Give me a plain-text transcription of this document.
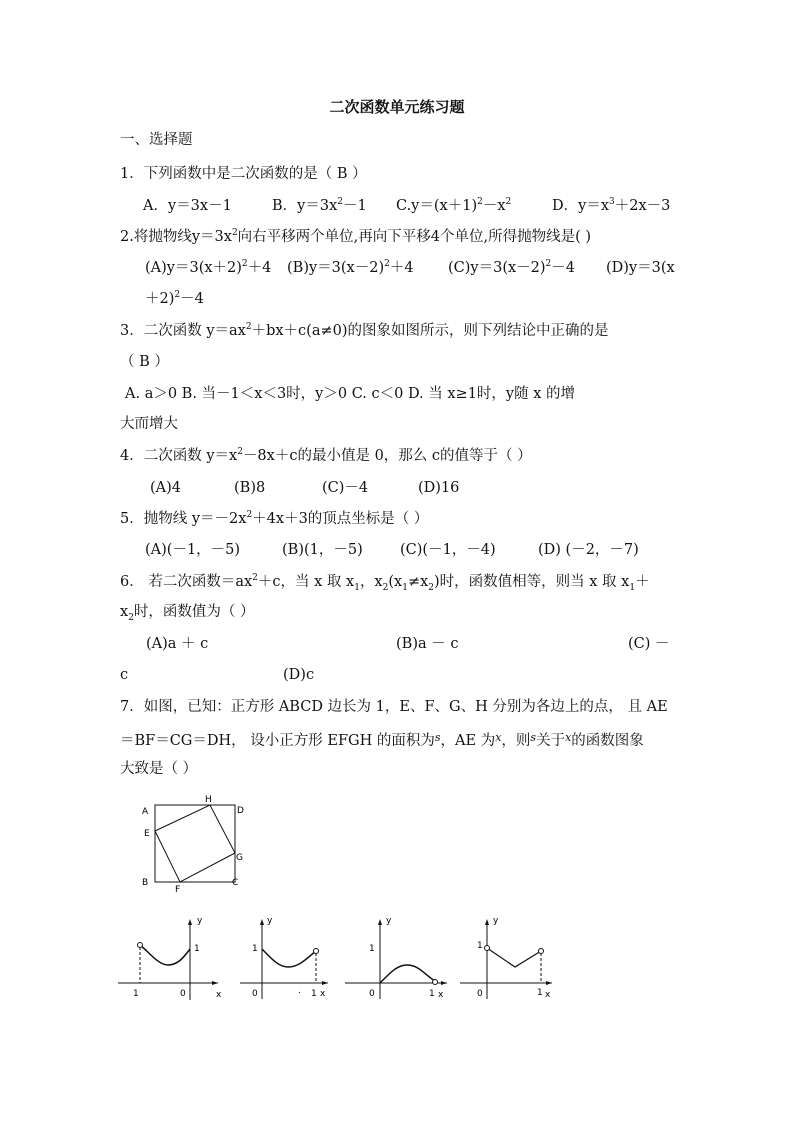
二次函数单元练习题
一、选择题
1．下列函数中是二次函数的是（ B ）
A．y＝3x－1	B．$y=3x^2-1$ $C.y=(x+1)^2-x^2$	D．$y=x^3+2x-3$
2.将抛物线$y=3x^2$向右平移两个单位,再向下平移4个单位,所得抛物线是( )
$(A)y=3(x+2)^2+4$ $(B)y=3(x-2)^2+4$ $(C)y=3(x-2)^2-4$ (D)y＝3(x
＋2)$^2$－4
3．二次函数 $y=ax^2+bx+c(a\ne 0)$的图象如图所示，则下列结论中正确的是
（ B ）
A. a＞0 B. 当－1＜x＜3时，y＞0 C. c＜0 D. 当 x≥1时，y随 x 的增
大而增大
4．二次函数 $y=x^2-8x+c$的最小值是 0，那么 c的值等于（ ）
(A)4	(B)8	(C)－4	(D)16
5．抛物线 $y=-2x^2+4x+3$的顶点坐标是（ ）
(A)(－1，－5)	(B)(1，－5)	(C)(－1，－4)	(D) (－2，－7)
6． 若二次函数$=ax^2+c$，当 x 取 $x_1$，$x_2(x_1\ne x_2)$时，函数值相等，则当 x 取 $x_1+$
$x_2$时，函数值为（ ）
(A)a ＋ c	(B)a － c	(C) －
c	(D)c
7．如图，已知：正方形 ABCD 边长为 1，E、F、G、H 分别为各边上的点， 且 AE
＝BF＝CG＝DH， 设小正方形 EFGH 的面积为$^s$，AE 为$^x$，则$^s$关于$^x$的函数图象
大致是（ ）
A
H
D
E
G
B
F
C
y
1
1	0	x
y
1
0	. 1 x
y
1
0	1 x
y
1
0	1 x
